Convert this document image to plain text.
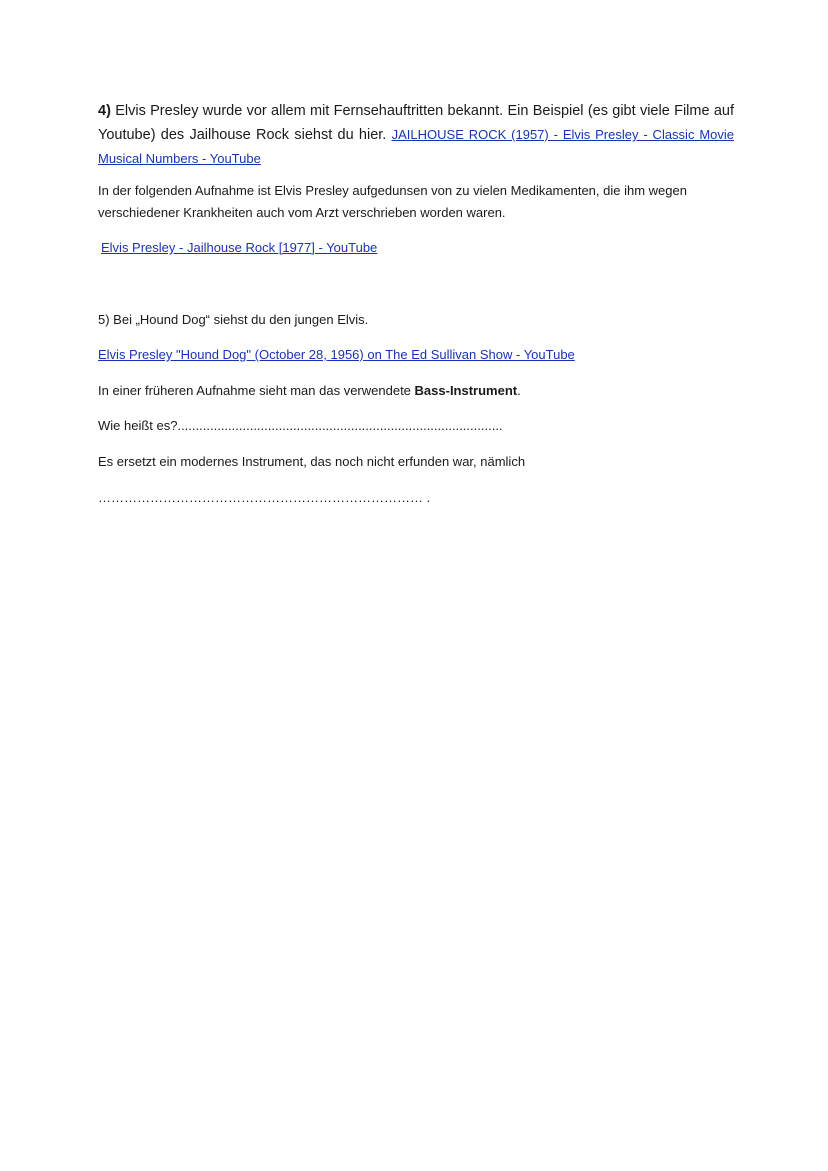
4) Elvis Presley wurde vor allem mit Fernsehauftritten bekannt. Ein Beispiel (es gibt viele Filme auf Youtube) des Jailhouse Rock siehst du hier. JAILHOUSE ROCK (1957) - Elvis Presley - Classic Movie Musical Numbers - YouTube
In der folgenden Aufnahme ist Elvis Presley aufgedunsen von zu vielen Medikamenten, die ihm wegen verschiedener Krankheiten auch vom Arzt verschrieben worden waren.
Elvis Presley - Jailhouse Rock [1977] - YouTube
5) Bei „Hound Dog“ siehst du den jungen Elvis.
Elvis Presley "Hound Dog" (October 28, 1956) on The Ed Sullivan Show - YouTube
In einer früheren Aufnahme sieht man das verwendete Bass-Instrument.
Wie heißt es?..........................................................................................
Es ersetzt ein modernes Instrument, das noch nicht erfunden war, nämlich
………………………………………………………………… .
